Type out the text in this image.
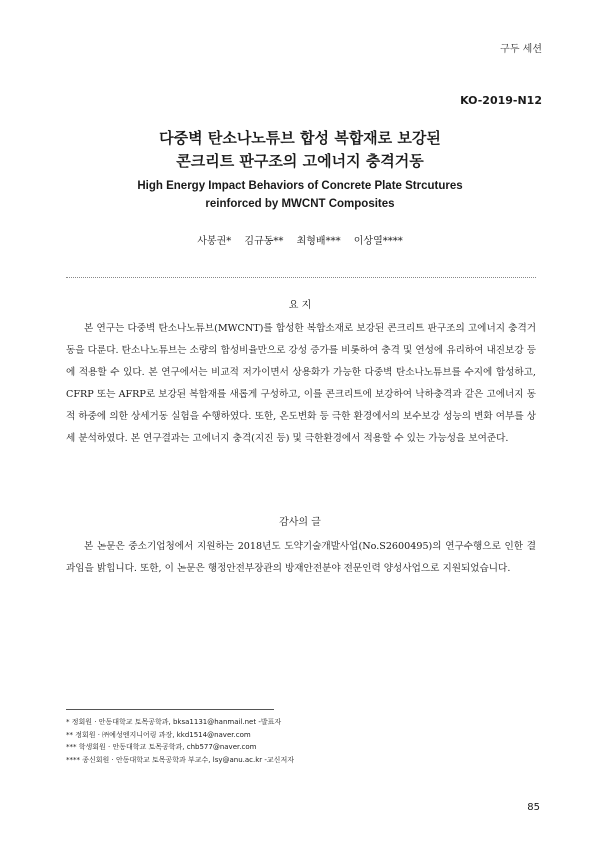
구두 세션
KO-2019-N12
다중벽 탄소나노튜브 합성 복합재로 보강된
콘크리트 판구조의 고에너지 충격거동
High Energy Impact Behaviors of Concrete Plate Strcutures
reinforced by MWCNT Composites
사봉권* 김규동** 최형배*** 이상열****
요 지

본 연구는 다중벽 탄소나노튜브(MWCNT)를 합성한 복합소재로 보강된 콘크리트 판구조의 고에너지 충격거동을 다룬다. 탄소나노튜브는 소량의 합성비율만으로 강성 증가를 비롯하여 충격 및 연성에 유리하여 내진보강 등에 적용할 수 있다. 본 연구에서는 비교적 저가이면서 상용화가 가능한 다중벽 탄소나노튜브를 수지에 합성하고, CFRP 또는 AFRP로 보강된 복합재를 새롭게 구성하고, 이를 콘크리트에 보강하여 낙하충격과 같은 고에너지 동적 하중에 의한 상세거동 실험을 수행하였다. 또한, 온도변화 등 극한 환경에서의 보수보강 성능의 변화 여부를 상세 분석하였다. 본 연구결과는 고에너지 충격(지진 등) 및 극한환경에서 적용할 수 있는 가능성을 보여준다.

감사의 글

본 논문은 중소기업청에서 지원하는 2018년도 도약기술개발사업(No.S2600495)의 연구수행으로 인한 결과임을 밝힙니다. 또한, 이 논문은 행정안전부장관의 방재안전분야 전문인력 양성사업으로 지원되었습니다.

* 정회원 · 안동대학교 토목공학과, bksa1131@hanmail.net -발표자
** 정회원 · ㈜예성엔지니어링 과장, kkd1514@naver.com
*** 학생회원 · 안동대학교 토목공학과, chb577@naver.com
**** 종신회원 · 안동대학교 토목공학과 부교수, lsy@anu.ac.kr -교신저자
85
